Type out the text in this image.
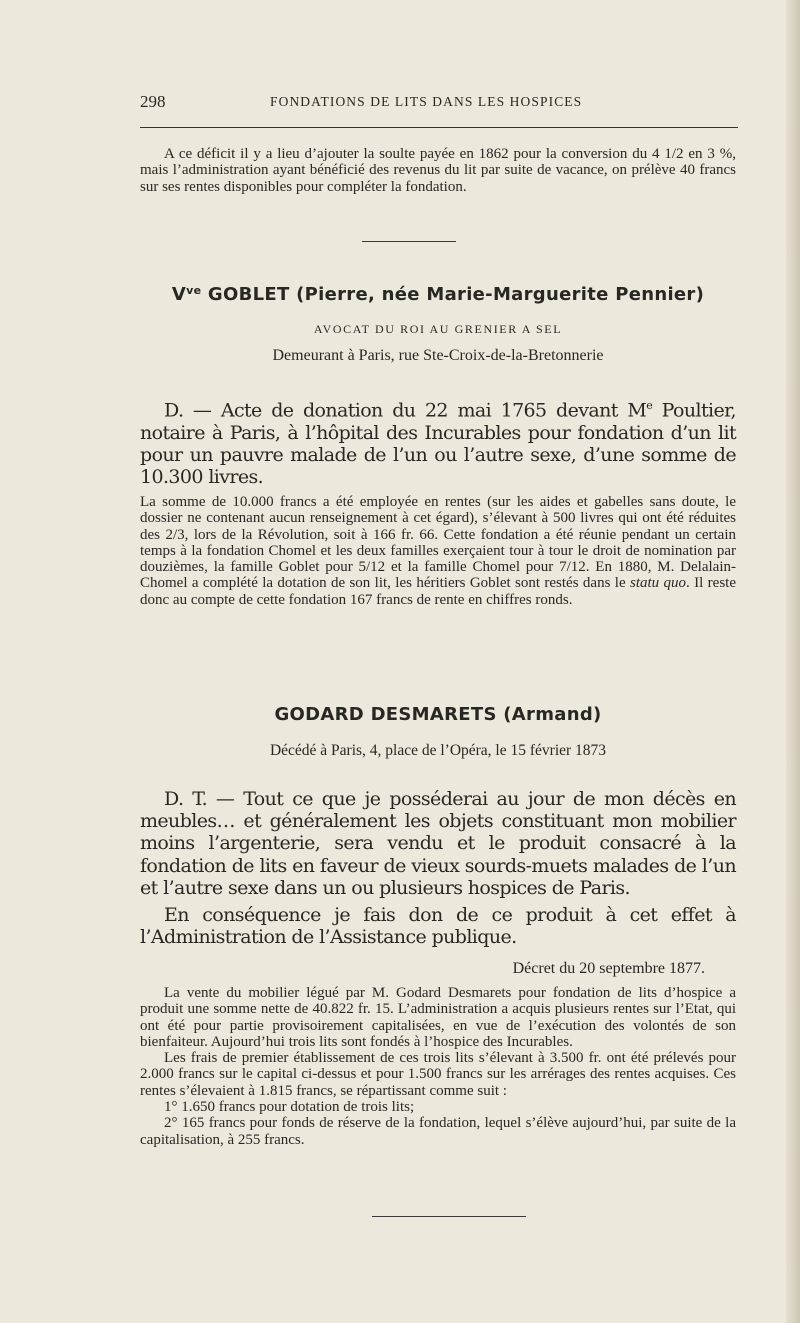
298	FONDATIONS DE LITS DANS LES HOSPICES

A ce déficit il y a lieu d’ajouter la soulte payée en 1862 pour la conversion du 4 1/2 en 3 %, mais l’administration ayant bénéficié des revenus du lit par suite de vacance, on prélève 40 francs sur ses rentes disponibles pour compléter la fondation.

$V^{ve}$ GOBLET (Pierre, née Marie-Marguerite Pennier)

AVOCAT DU ROI AU GRENIER A SEL

Demeurant à Paris, rue Ste-Croix-de-la-Bretonnerie

D. — Acte de donation du 22 mai 1765 devant Me Poultier, notaire à Paris, à l’hôpital des Incurables pour fondation d’un lit pour un pauvre malade de l’un ou l’autre sexe, d’une somme de 10.300 livres.

La somme de 10.000 francs a été employée en rentes (sur les aides et gabelles sans doute, le dossier ne contenant aucun renseignement à cet égard), s’élevant à 500 livres qui ont été réduites des 2/3, lors de la Révolution, soit à 166 fr. 66. Cette fondation a été réunie pendant un certain temps à la fondation Chomel et les deux familles exerçaient tour à tour le droit de nomination par douzièmes, la famille Goblet pour 5/12 et la famille Chomel pour 7/12. En 1880, M. Delalain-Chomel a complété la dotation de son lit, les héritiers Goblet sont restés dans le statu quo. Il reste donc au compte de cette fondation 167 francs de rente en chiffres ronds.

GODARD DESMARETS (Armand)

Décédé à Paris, 4, place de l’Opéra, le 15 février 1873

D. T. — Tout ce que je posséderai au jour de mon décès en meubles… et généralement les objets constituant mon mobilier moins l’argenterie, sera vendu et le produit consacré à la fondation de lits en faveur de vieux sourds-muets malades de l’un et l’autre sexe dans un ou plusieurs hospices de Paris.

En conséquence je fais don de ce produit à cet effet à l’Administration de l’Assistance publique.

Décret du 20 septembre 1877.

La vente du mobilier légué par M. Godard Desmarets pour fondation de lits d’hospice a produit une somme nette de 40.822 fr. 15. L’administration a acquis plusieurs rentes sur l’Etat, qui ont été pour partie provisoirement capitalisées, en vue de l’exécution des volontés de son bienfaiteur. Aujourd’hui trois lits sont fondés à l’hospice des Incurables.

Les frais de premier établissement de ces trois lits s’élevant à 3.500 fr. ont été prélevés pour 2.000 francs sur le capital ci-dessus et pour 1.500 francs sur les arrérages des rentes acquises. Ces rentes s’élevaient à 1.815 francs, se répartissant comme suit :

1° 1.650 francs pour dotation de trois lits;

2° 165 francs pour fonds de réserve de la fondation, lequel s’élève aujourd’hui, par suite de la capitalisation, à 255 francs.
